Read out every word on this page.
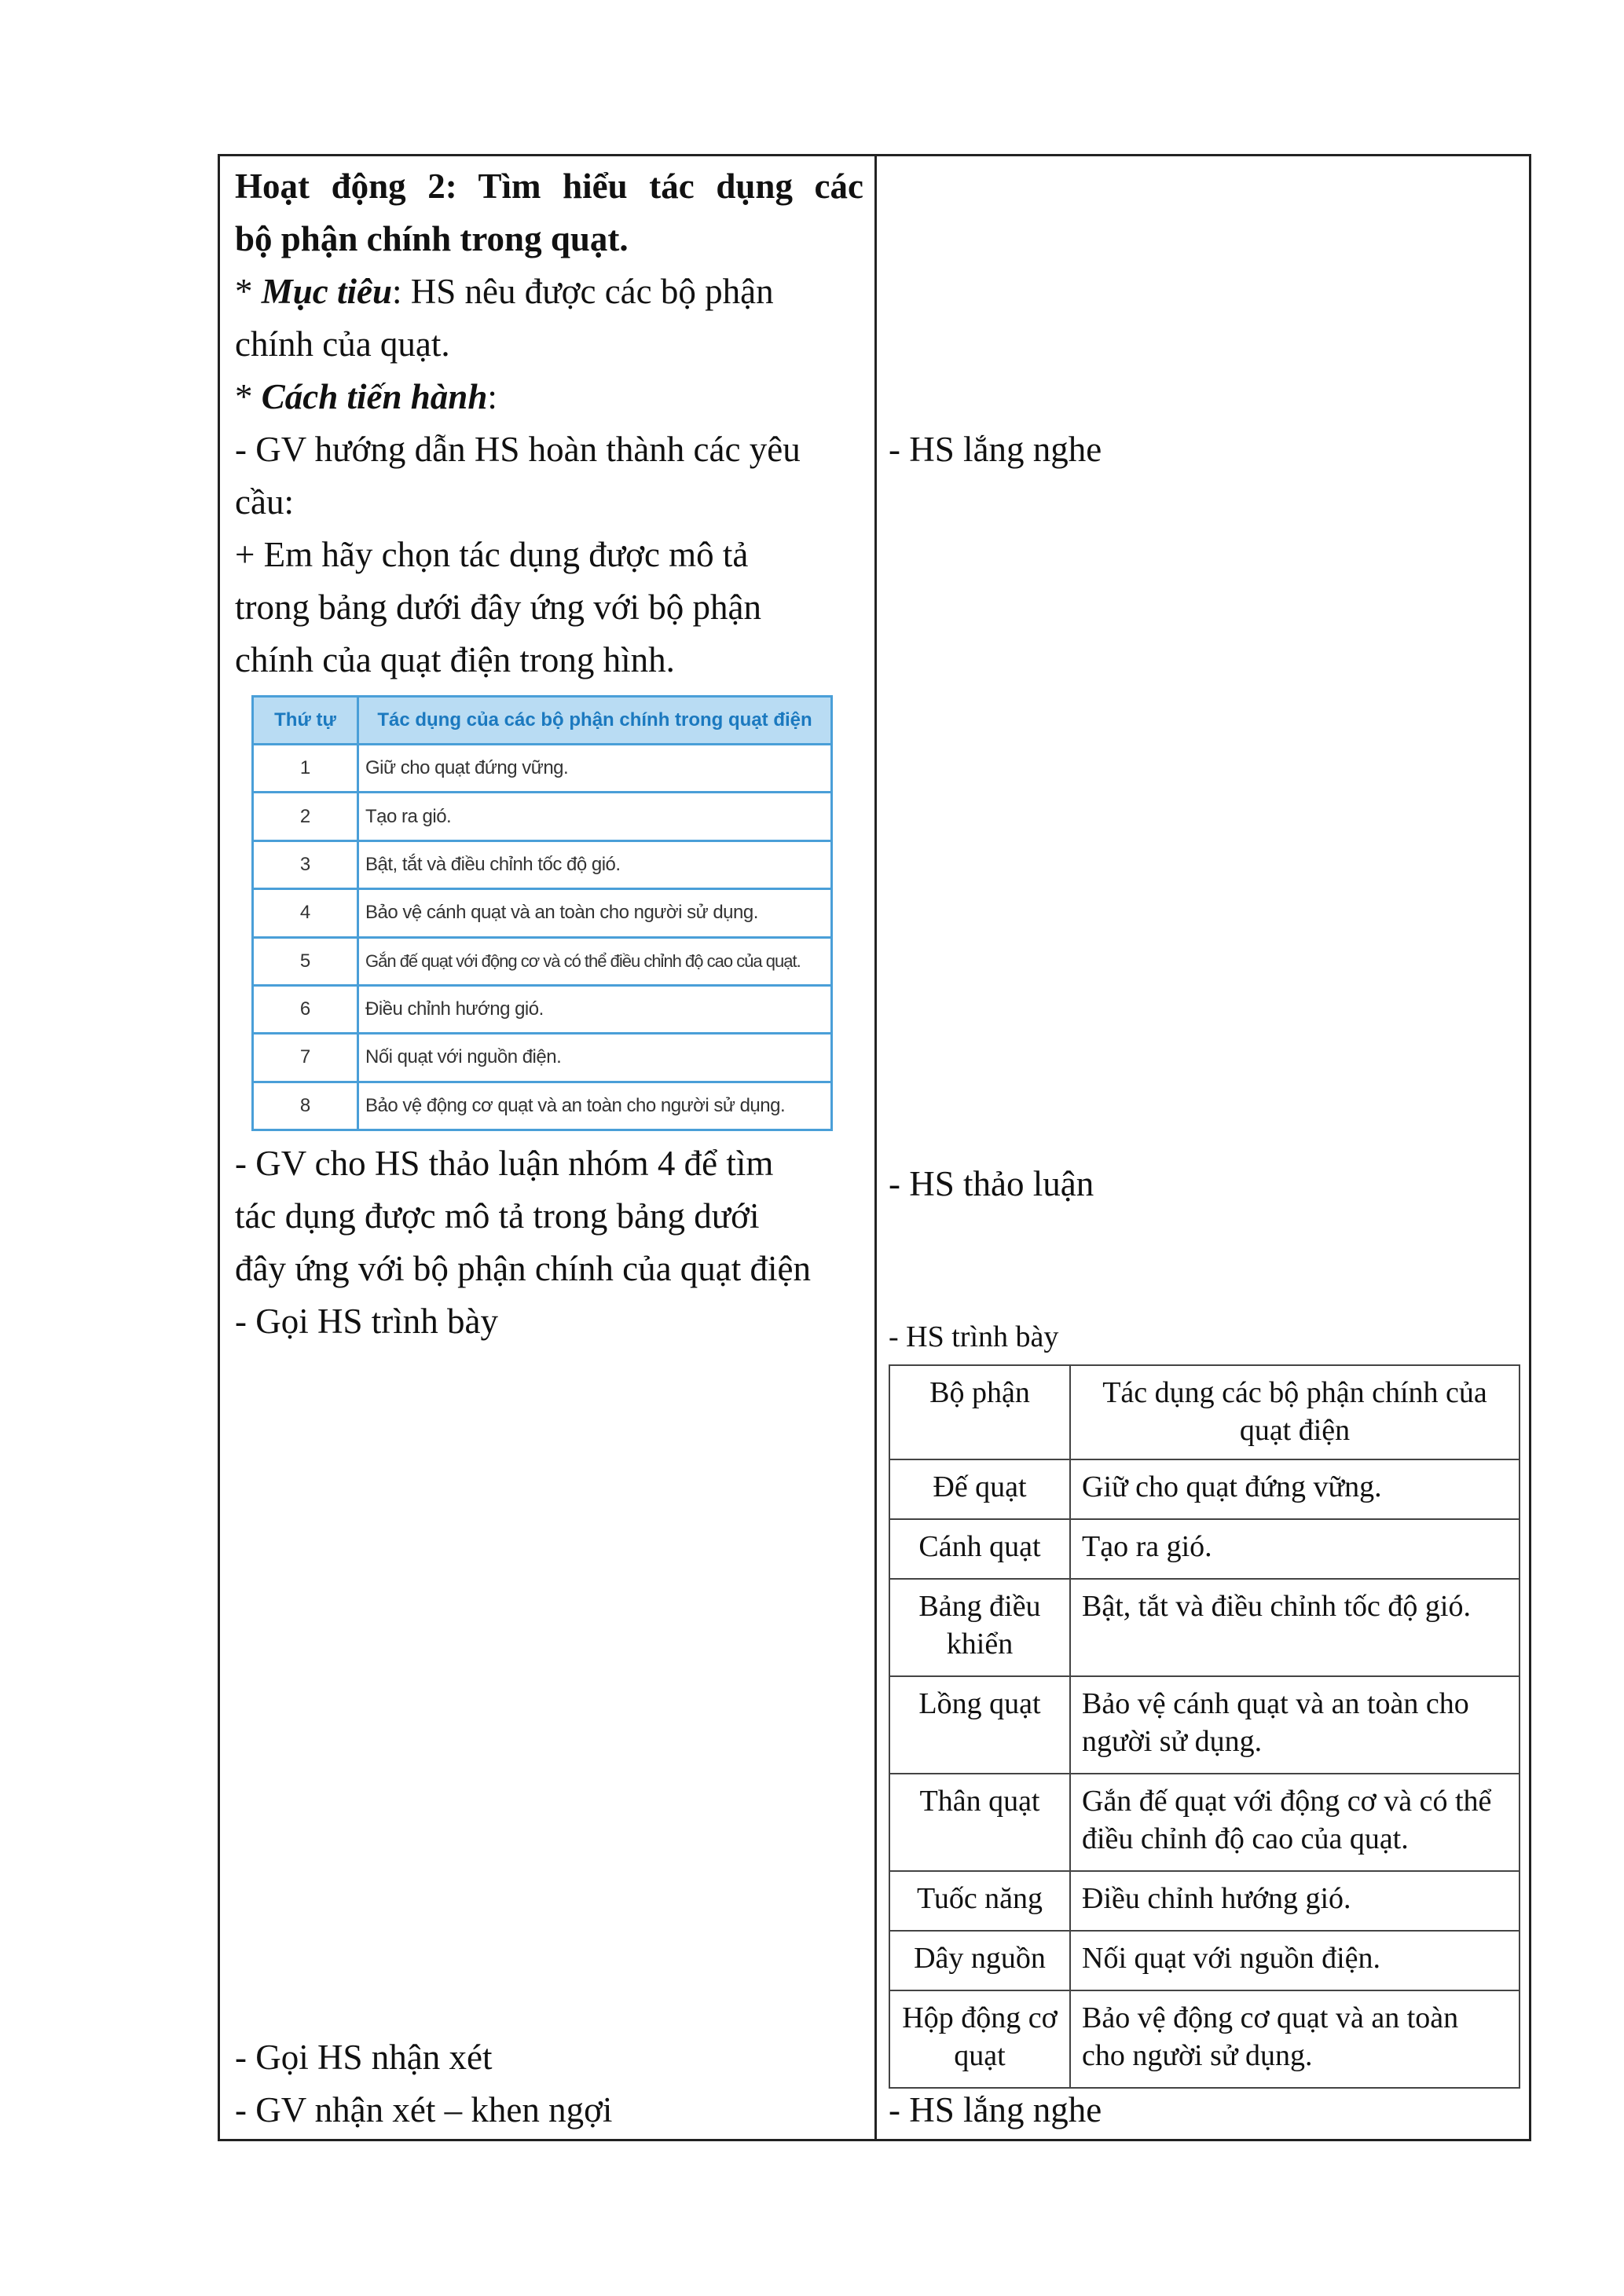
Hoạt động 2: Tìm hiểu tác dụng các
bộ phận chính trong quạt.
* Mục tiêu: HS nêu được các bộ phận
chính của quạt.
* Cách tiến hành:
- GV hướng dẫn HS hoàn thành các yêu
cầu:
+ Em hãy chọn tác dụng được mô tả
trong bảng dưới đây ứng với bộ phận
chính của quạt điện trong hình.
Thứ tự	Tác dụng của các bộ phận chính trong quạt điện
1	Giữ cho quạt đứng vững.
2	Tạo ra gió.
3	Bật, tắt và điều chỉnh tốc độ gió.
4	Bảo vệ cánh quạt và an toàn cho người sử dụng.
5	Gắn đế quạt với động cơ và có thể điều chỉnh độ cao của quạt.
6	Điều chỉnh hướng gió.
7	Nối quạt với nguồn điện.
8	Bảo vệ động cơ quạt và an toàn cho người sử dụng.
- GV cho HS thảo luận nhóm 4 để tìm
tác dụng được mô tả trong bảng dưới
đây ứng với bộ phận chính của quạt điện
- Gọi HS trình bày
- Gọi HS nhận xét
- GV nhận xét – khen ngợi
- HS lắng nghe
- HS thảo luận
- HS trình bày
Bộ phận	Tác dụng các bộ phận chính của quạt điện
Đế quạt	Giữ cho quạt đứng vững.
Cánh quạt	Tạo ra gió.
Bảng điều khiển	Bật, tắt và điều chỉnh tốc độ gió.
Lồng quạt	Bảo vệ cánh quạt và an toàn cho người sử dụng.
Thân quạt	Gắn đế quạt với động cơ và có thể điều chỉnh độ cao của quạt.
Tuốc năng	Điều chỉnh hướng gió.
Dây nguồn	Nối quạt với nguồn điện.
Hộp động cơ quạt	Bảo vệ động cơ quạt và an toàn cho người sử dụng.
- HS lắng nghe
